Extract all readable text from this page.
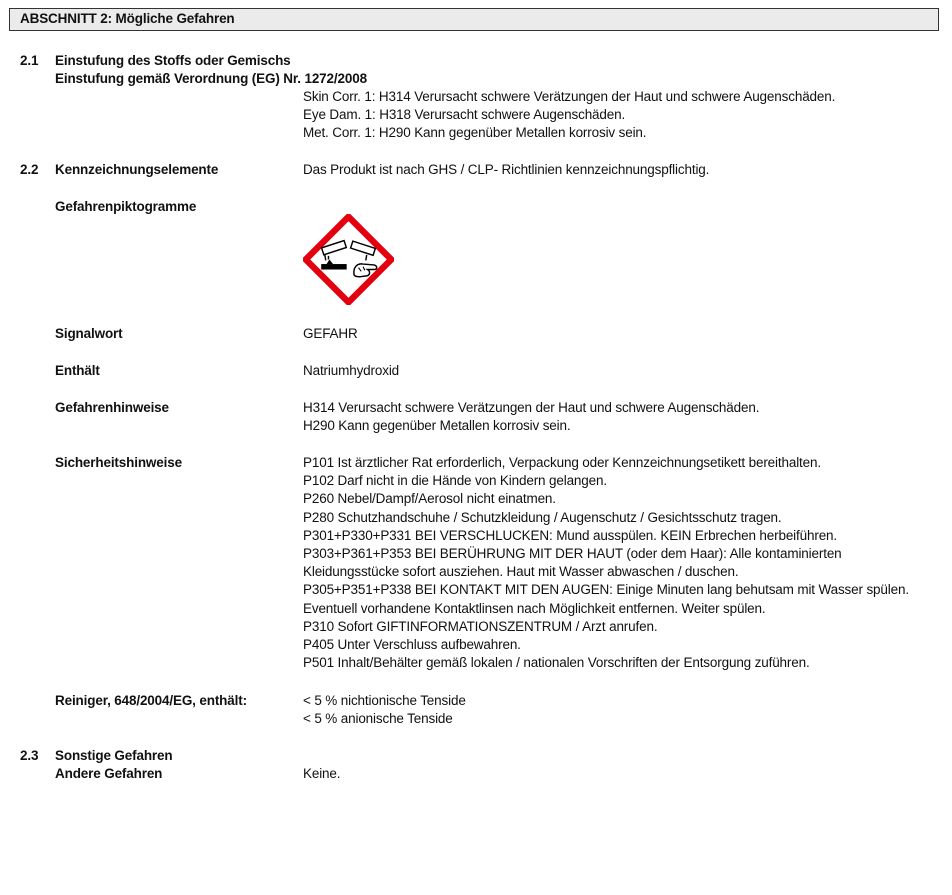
ABSCHNITT 2: Mögliche Gefahren
2.1 Einstufung des Stoffs oder Gemischs
Einstufung gemäß Verordnung (EG) Nr. 1272/2008
Skin Corr. 1: H314 Verursacht schwere Verätzungen der Haut und schwere Augenschäden.
Eye Dam. 1: H318 Verursacht schwere Augenschäden.
Met. Corr. 1: H290 Kann gegenüber Metallen korrosiv sein.
2.2 Kennzeichnungselemente	Das Produkt ist nach GHS / CLP- Richtlinien kennzeichnungspflichtig.
Gefahrenpiktogramme
Signalwort	GEFAHR
Enthält	Natriumhydroxid
Gefahrenhinweise	H314 Verursacht schwere Verätzungen der Haut und schwere Augenschäden.
H290 Kann gegenüber Metallen korrosiv sein.
Sicherheitshinweise	P101 Ist ärztlicher Rat erforderlich, Verpackung oder Kennzeichnungsetikett bereithalten.
P102 Darf nicht in die Hände von Kindern gelangen.
P260 Nebel/Dampf/Aerosol nicht einatmen.
P280 Schutzhandschuhe / Schutzkleidung / Augenschutz / Gesichtsschutz tragen.
P301+P330+P331 BEI VERSCHLUCKEN: Mund ausspülen. KEIN Erbrechen herbeiführen.
P303+P361+P353 BEI BERÜHRUNG MIT DER HAUT (oder dem Haar): Alle kontaminierten
Kleidungsstücke sofort ausziehen. Haut mit Wasser abwaschen / duschen.
P305+P351+P338 BEI KONTAKT MIT DEN AUGEN: Einige Minuten lang behutsam mit Wasser spülen.
Eventuell vorhandene Kontaktlinsen nach Möglichkeit entfernen. Weiter spülen.
P310 Sofort GIFTINFORMATIONSZENTRUM / Arzt anrufen.
P405 Unter Verschluss aufbewahren.
P501 Inhalt/Behälter gemäß lokalen / nationalen Vorschriften der Entsorgung zuführen.
Reiniger, 648/2004/EG, enthält:	< 5 % nichtionische Tenside
< 5 % anionische Tenside
2.3 Sonstige Gefahren
Andere Gefahren	Keine.
